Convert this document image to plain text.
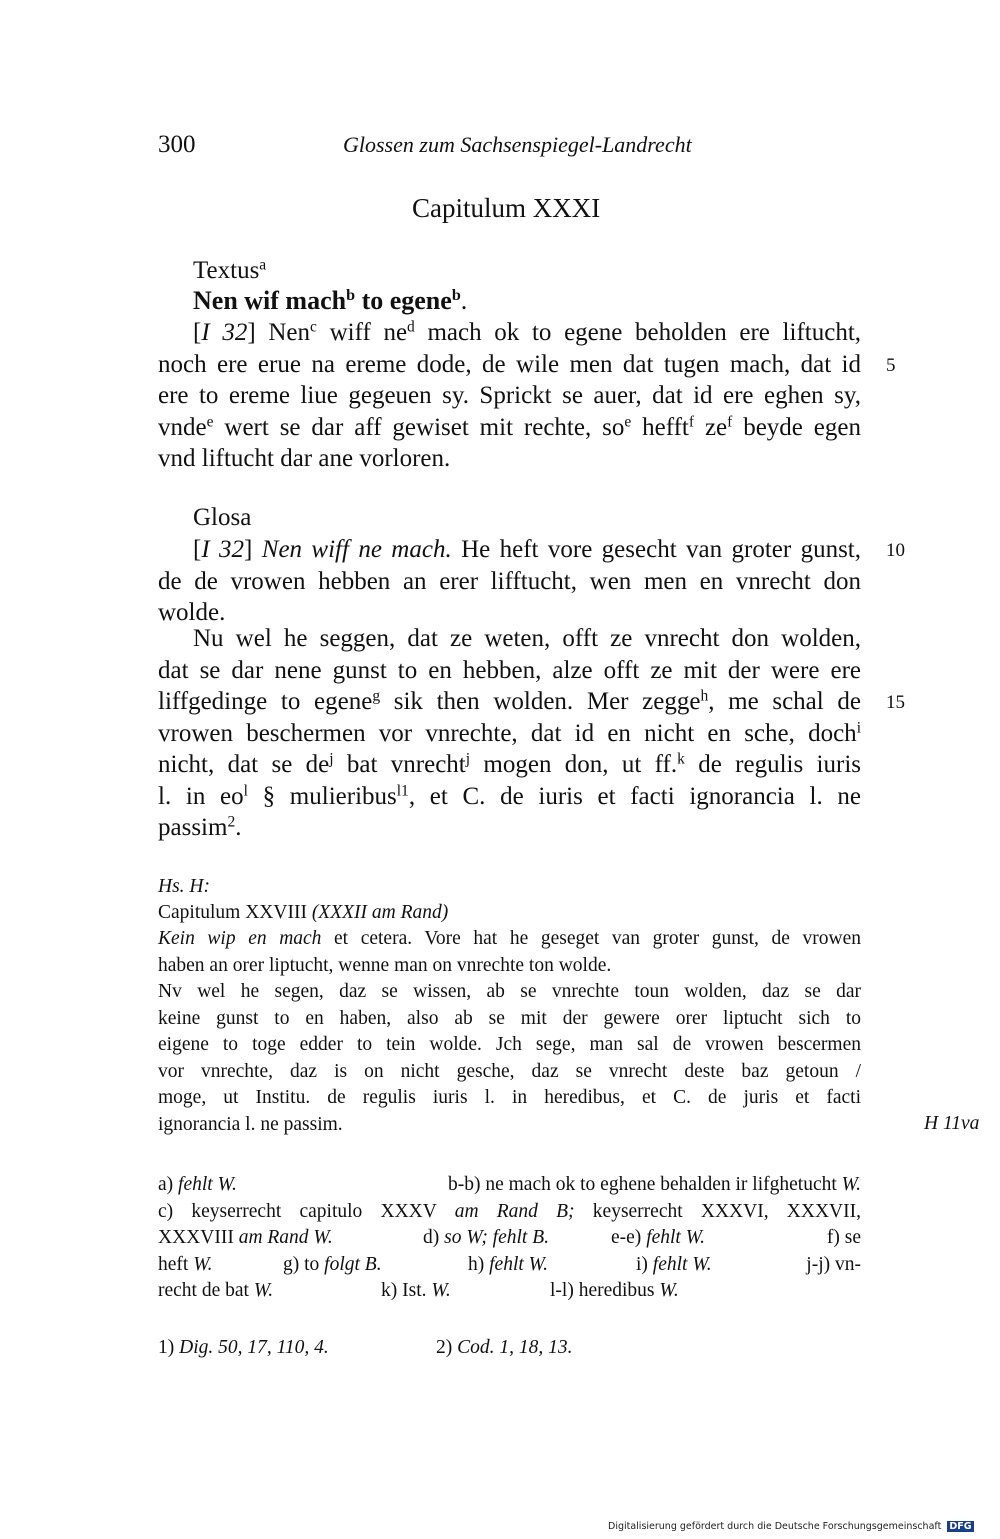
300	Glossen zum Sachsenspiegel-Landrecht
Capitulum XXXI
Textus$^a$
Nen wif mach$^b$ to egene$^b$.
[I 32] Nen$^c$ wiff $ne^d$ mach ok to egene beholden ere liftucht,
noch ere erue na ereme dode, de wile men dat tugen mach, dat id
ere to ereme liue gegeuen sy. Sprickt se auer, dat id ere eghen sy,
vnde$^e$ wert se dar aff gewiset mit rechte, $so^e$ hefft$^f$ $ze^f$ beyde egen
vnd liftucht dar ane vorloren.
Glosa
[I 32] Nen wiff ne mach. He heft vore gesecht van groter gunst,
de de vrowen hebben an erer lifftucht, wen men en vnrecht don
wolde.
Nu wel he seggen, dat ze weten, offt ze vnrecht don wolden,
dat se dar nene gunst to en hebben, alze offt ze mit der were ere
liffgedinge to egene$^g$ sik then wolden. Mer zegge$^h$, me schal de
vrowen beschermen vor vnrechte, dat id en nicht en sche, doch$^i$
nicht, dat se $de^j$ bat vnrecht$^j$ mogen don, ut ff.$^k$ de regulis iuris
l. in $eo^l$ § mulieribus$^{l1}$, et C. de iuris et facti ignorancia l. ne
passim$^2$.
5
10
15
Hs. H:
Capitulum XXVIII (XXXII am Rand)
Kein wip en mach et cetera. Vore hat he geseget van groter gunst, de vrowen
haben an orer liptucht, wenne man on vnrechte ton wolde.
Nv wel he segen, daz se wissen, ab se vnrechte toun wolden, daz se dar
keine gunst to en haben, also ab se mit der gewere orer liptucht sich to
eigene to toge edder to tein wolde. Jch sege, man sal de vrowen bescermen
vor vnrechte, daz is on nicht gesche, daz se vnrecht deste baz getoun /
moge, ut Institu. de regulis iuris l. in heredibus, et C. de juris et facti
ignorancia l. ne passim.	H 11va
a) fehlt W.	b-b) ne mach ok to eghene behalden ir lifghetucht W.
c) keyserrecht capitulo XXXV am Rand B; keyserrecht XXXVI, XXXVII,
XXXVIII am Rand W.	d) so W; fehlt B.	e-e) fehlt W.	f) se
heft W.	g) to folgt B.	h) fehlt W.	i) fehlt W.	j-j) vn-
recht de bat W.	k) Ist. W.	l-l) heredibus W.
1) Dig. 50, 17, 110, 4.	2) Cod. 1, 18, 13.
Digitalisierung gefördert durch die Deutsche Forschungsgemeinschaft DFG
